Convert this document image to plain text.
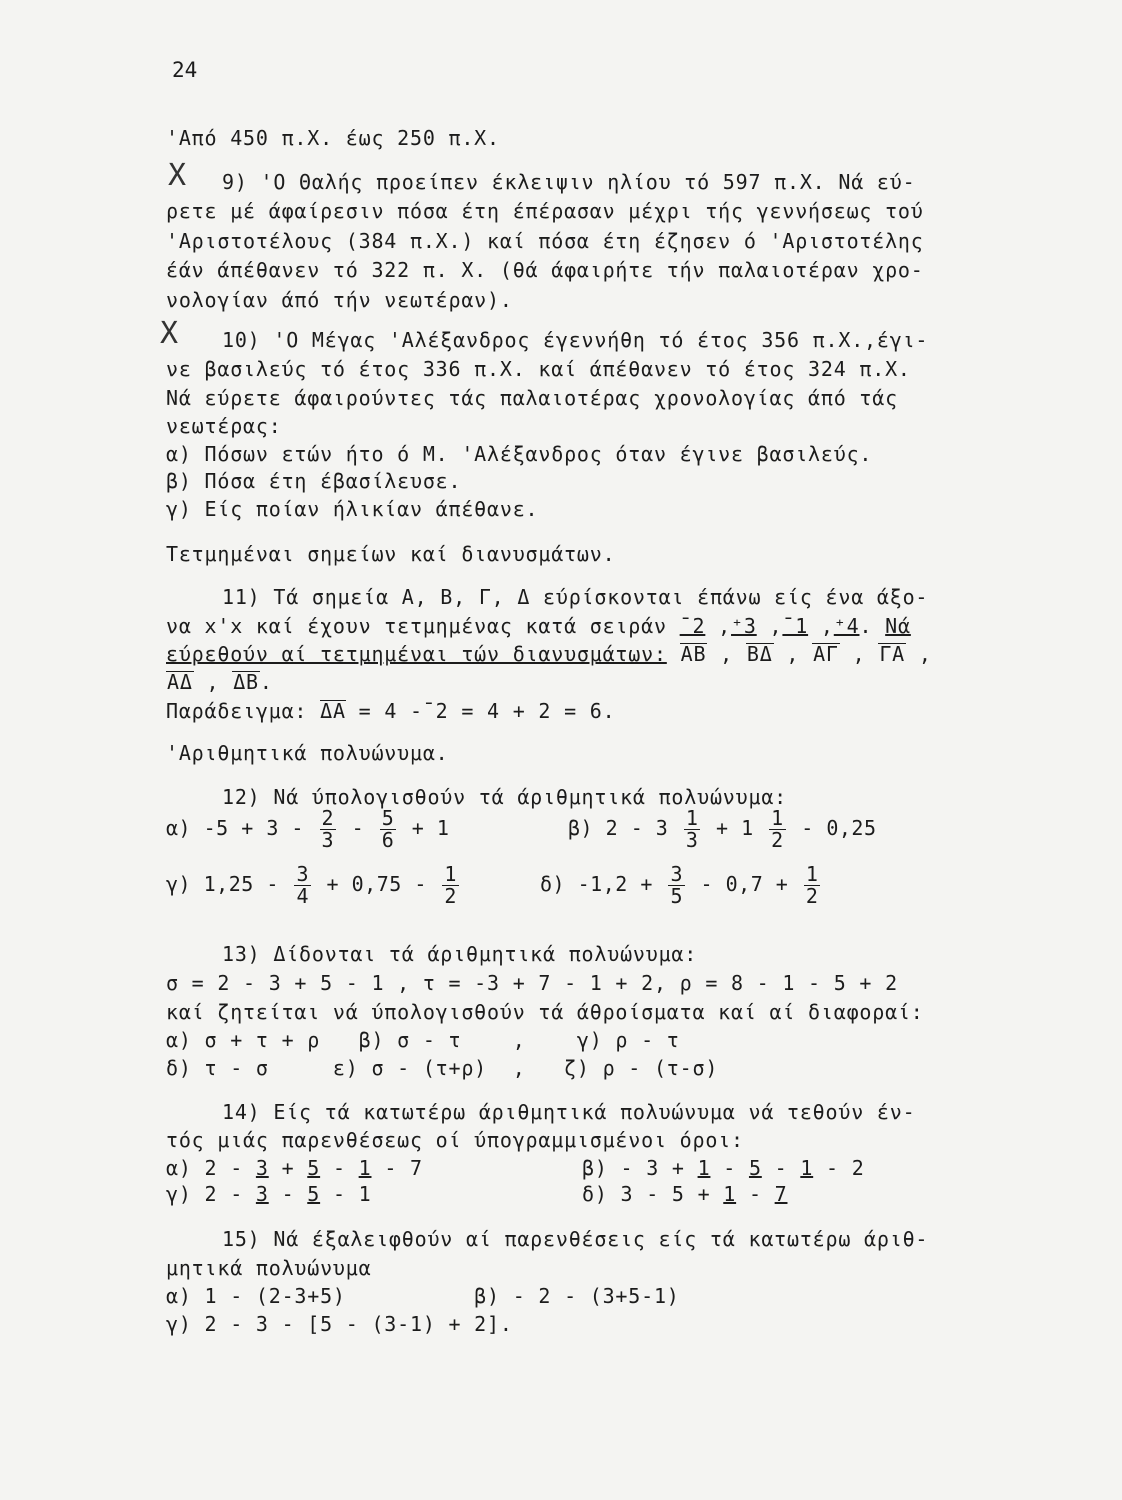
24
'Από 450 π.Χ. έως 250 π.Χ.
X 9) 'Ο Θαλής προείπεν έκλειψιν ηλίου τό 597 π.Χ. Νά εύ-
ρετε μέ άφαίρεσιν πόσα έτη έπέρασαν μέχρι τής γεννήσεως τού
'Αριστοτέλους (384 π.Χ.) καί πόσα έτη έζησεν ό 'Αριστοτέλης
έάν άπέθανεν τό 322 π. Χ. (θά άφαιρήτε τήν παλαιοτέραν χρο-
νολογίαν άπό τήν νεωτέραν).
X 10) 'Ο Μέγας 'Αλέξανδρος έγεννήθη τό έτος 356 π.Χ.,έγι-
νε βασιλεύς τό έτος 336 π.Χ. καί άπέθανεν τό έτος 324 π.Χ.
Νά εύρετε άφαιρούντες τάς παλαιοτέρας χρονολογίας άπό τάς
νεωτέρας:
α) Πόσων ετών ήτο ό Μ. 'Αλέξανδρος όταν έγινε βασιλεύς.
β) Πόσα έτη έβασίλευσε.
γ) Είς ποίαν ήλικίαν άπέθανε.
Τετμημέναι σημείων καί διανυσμάτων.
11) Τά σημεία Α, Β, Γ, Δ εύρίσκονται έπάνω είς ένα άξο-
να x'x καί έχουν τετμημένας κατά σειράν ¯2 ,⁺3 ,¯1 ,⁺4. Νά
εύρεθούν αί τετμημέναι τών διανυσμάτων: ΑΒ , ΒΔ , ΑΓ , ΓΑ ,
ΑΔ , ΔΒ.
Παράδειγμα: ΔΑ = 4 -¯2 = 4 + 2 = 6.
'Αριθμητικά πολυώνυμα.
12) Νά ύπολογισθούν τά άριθμητικά πολυώνυμα:
α) $-5 + 3 - \frac{2}{3} - \frac{5}{6} + 1$	β) $2 - 3 \frac{1}{3} + 1 \frac{1}{2} - 0,25$
γ) $1,25 - \frac{3}{4} + 0,75 - \frac{1}{2}$	δ) $-1,2 + \frac{3}{5} - 0,7 + \frac{1}{2}$
13) Δίδονται τά άριθμητικά πολυώνυμα:
σ = 2 - 3 + 5 - 1 , τ = -3 + 7 - 1 + 2, ρ = 8 - 1 - 5 + 2
καί ζητείται νά ύπολογισθούν τά άθροίσματα καί αί διαφοραί:
α) σ + τ + ρ   β) σ - τ    ,    γ) ρ - τ
δ) τ - σ     ε) σ - (τ+ρ)  ,   ζ) ρ - (τ-σ)
14) Είς τά κατωτέρω άριθμητικά πολυώνυμα νά τεθούν έν-
τός μιάς παρενθέσεως οί ύπογραμμισμένοι όροι:
α) 2 - 3 + 5 - 1 - 7	β) - 3 + 1 - 5 - 1 - 2
γ) 2 - 3 - 5 - 1	δ) 3 - 5 + 1 - 7
15) Νά έξαλειφθούν αί παρενθέσεις είς τά κατωτέρω άριθ-
μητικά πολυώνυμα
α) 1 - (2-3+5)          β) - 2 - (3+5-1)
γ) 2 - 3 - [5 - (3-1) + 2].
